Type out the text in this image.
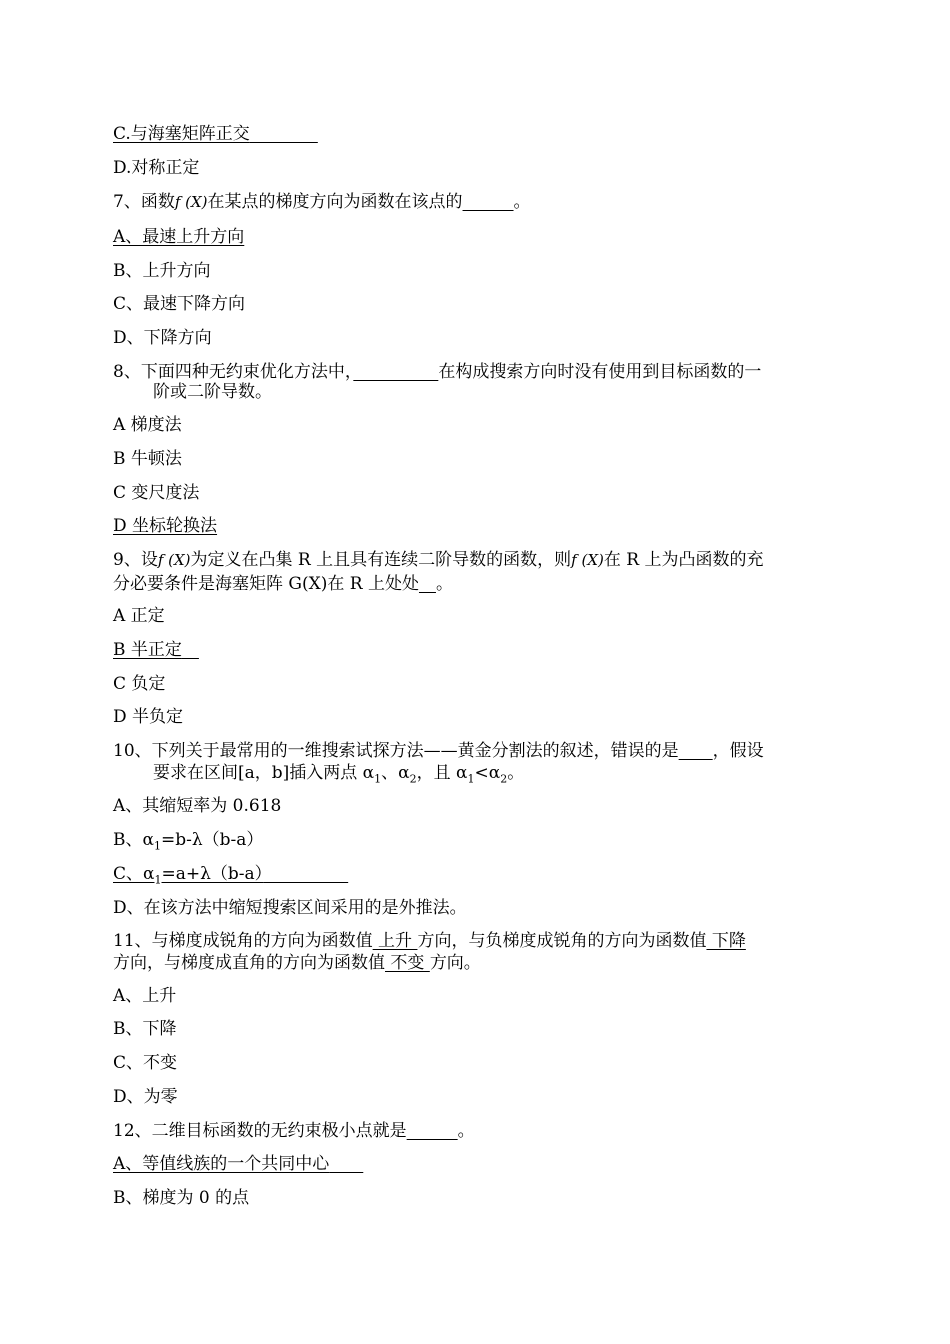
C.与海塞矩阵正交　　　　
D.对称正定
7、函数f (X)在某点的梯度方向为函数在该点的　　　	。
A、最速上升方向
B、上升方向
C、最速下降方向
D、下降方向
8、下面四种无约束优化方法中，　　　　　	在构成搜索方向时没有使用到目标函数的一
阶或二阶导数。
A 梯度法
B 牛顿法
C 变尺度法
D 坐标轮换法
9、设f (X)为定义在凸集 R 上且具有连续二阶导数的函数，则f (X)在 R 上为凸函数的充
分必要条件是海塞矩阵 G(X)在 R 上处处　 。
A 正定
B 半正定　
C 负定
D 半负定
10、下列关于最常用的一维搜索试探方法——黄金分割法的叙述，错误的是　　 ，假设
要求在区间[a，b]插入两点 $\alpha_1$、$\alpha_2$，且 $\alpha_1<\alpha_2$。
A、其缩短率为 0.618
B、$\alpha_1=b-\lambda(b-a)$
C、$\alpha_1=a+\lambda(b-a)$　　　　　
D、在该方法中缩短搜索区间采用的是外推法。
11、与梯度成锐角的方向为函数值 上升 方向，与负梯度成锐角的方向为函数值 下降
方向，与梯度成直角的方向为函数值 不变 方向。
A、上升
B、下降
C、不变
D、为零
12、二维目标函数的无约束极小点就是　　　	。
A、等值线族的一个共同中心　　
B、梯度为 0 的点
